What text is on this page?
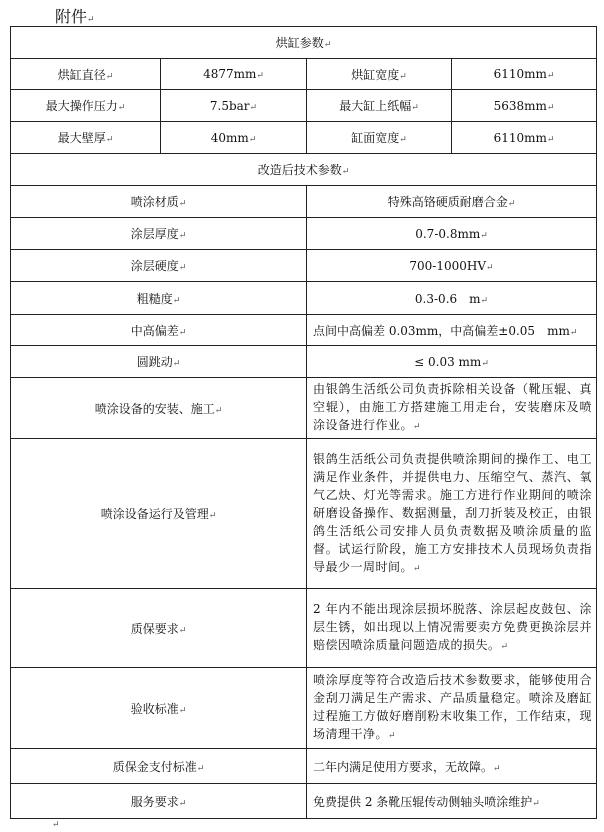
附件↵
烘缸参数↵			
烘缸直径↵	4877mm↵	烘缸宽度↵	6110mm↵
最大操作压力↵	7.5bar↵	最大缸上纸幅↵	5638mm↵
最大壁厚↵	40mm↵	缸面宽度↵	6110mm↵
改造后技术参数↵			
喷涂材质↵		特殊高铬硬质耐磨合金↵	
涂层厚度↵		0.7-0.8mm↵	
涂层硬度↵		700-1000HV↵	
粗糙度↵		0.3-0.6　m↵	
中高偏差↵		点间中高偏差 0.03mm，中高偏差±0.05　mm↵	
圆跳动↵		≤ 0.03 mm↵	
喷涂设备的安装、施工↵		由银鸽生活纸公司负责拆除相关设备（靴压辊、真空辊），由施工方搭建施工用走台，安装磨床及喷涂设备进行作业。↵	
喷涂设备运行及管理↵		银鸽生活纸公司负责提供喷涂期间的操作工、电工满足作业条件，并提供电力、压缩空气、蒸汽、氧气乙炔、灯光等需求。施工方进行作业期间的喷涂研磨设备操作、数据测量，刮刀折装及校正，由银鸽生活纸公司安排人员负责数据及喷涂质量的监督。试运行阶段，施工方安排技术人员现场负责指导最少一周时间。↵	
质保要求↵		2 年内不能出现涂层损坏脱落、涂层起皮鼓包、涂层生锈，如出现以上情况需要卖方免费更换涂层并赔偿因喷涂质量问题造成的损失。↵	
验收标准↵		喷涂厚度等符合改造后技术参数要求，能够使用合金刮刀满足生产需求、产品质量稳定。喷涂及磨缸过程施工方做好磨削粉末收集工作，工作结束，现场清理干净。↵	
质保金支付标准↵		二年内满足使用方要求，无故障。↵	
服务要求↵		免费提供 2 条靴压辊传动侧轴头喷涂维护↵	
↵
